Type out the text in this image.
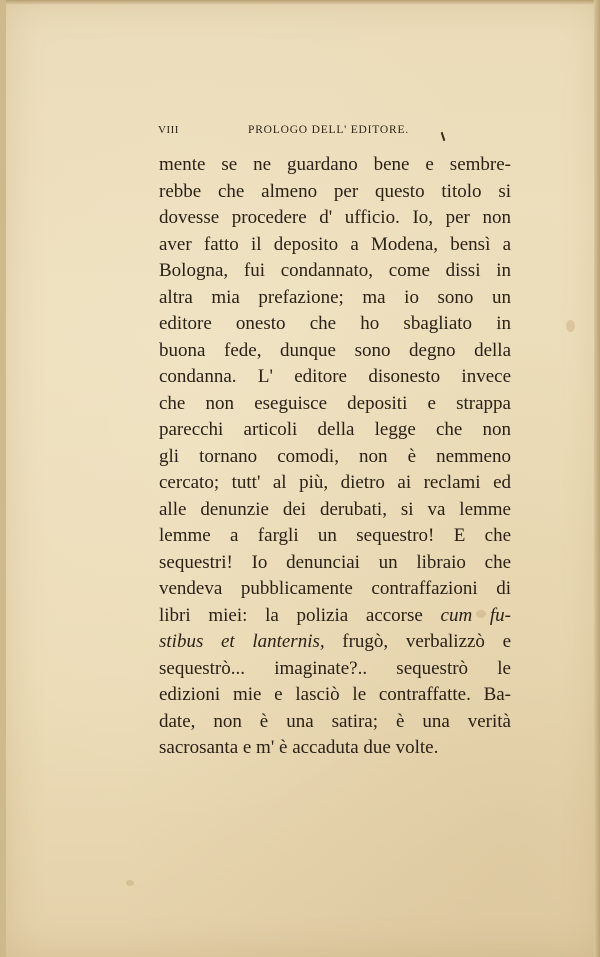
VIII	PROLOGO DELL' EDITORE.
mente se ne guardano bene e sembre-
rebbe che almeno per questo titolo si
dovesse procedere d' ufficio. Io, per non
aver fatto il deposito a Modena, bensì a
Bologna, fui condannato, come dissi in
altra mia prefazione; ma io sono un
editore onesto che ho sbagliato in
buona fede, dunque sono degno della
condanna. L' editore disonesto invece
che non eseguisce depositi e strappa
parecchi articoli della legge che non
gli tornano comodi, non è nemmeno
cercato; tutt' al più, dietro ai reclami ed
alle denunzie dei derubati, si va lemme
lemme a fargli un sequestro! E che
sequestri! Io denunciai un libraio che
vendeva pubblicamente contraffazioni di
libri miei: la polizia accorse cum fu-
stibus et lanternis, frugò, verbalizzò e
sequestrò... imaginate?.. sequestrò le
edizioni mie e lasciò le contraffatte. Ba-
date, non è una satira; è una verità
sacrosanta e m' è accaduta due volte.
